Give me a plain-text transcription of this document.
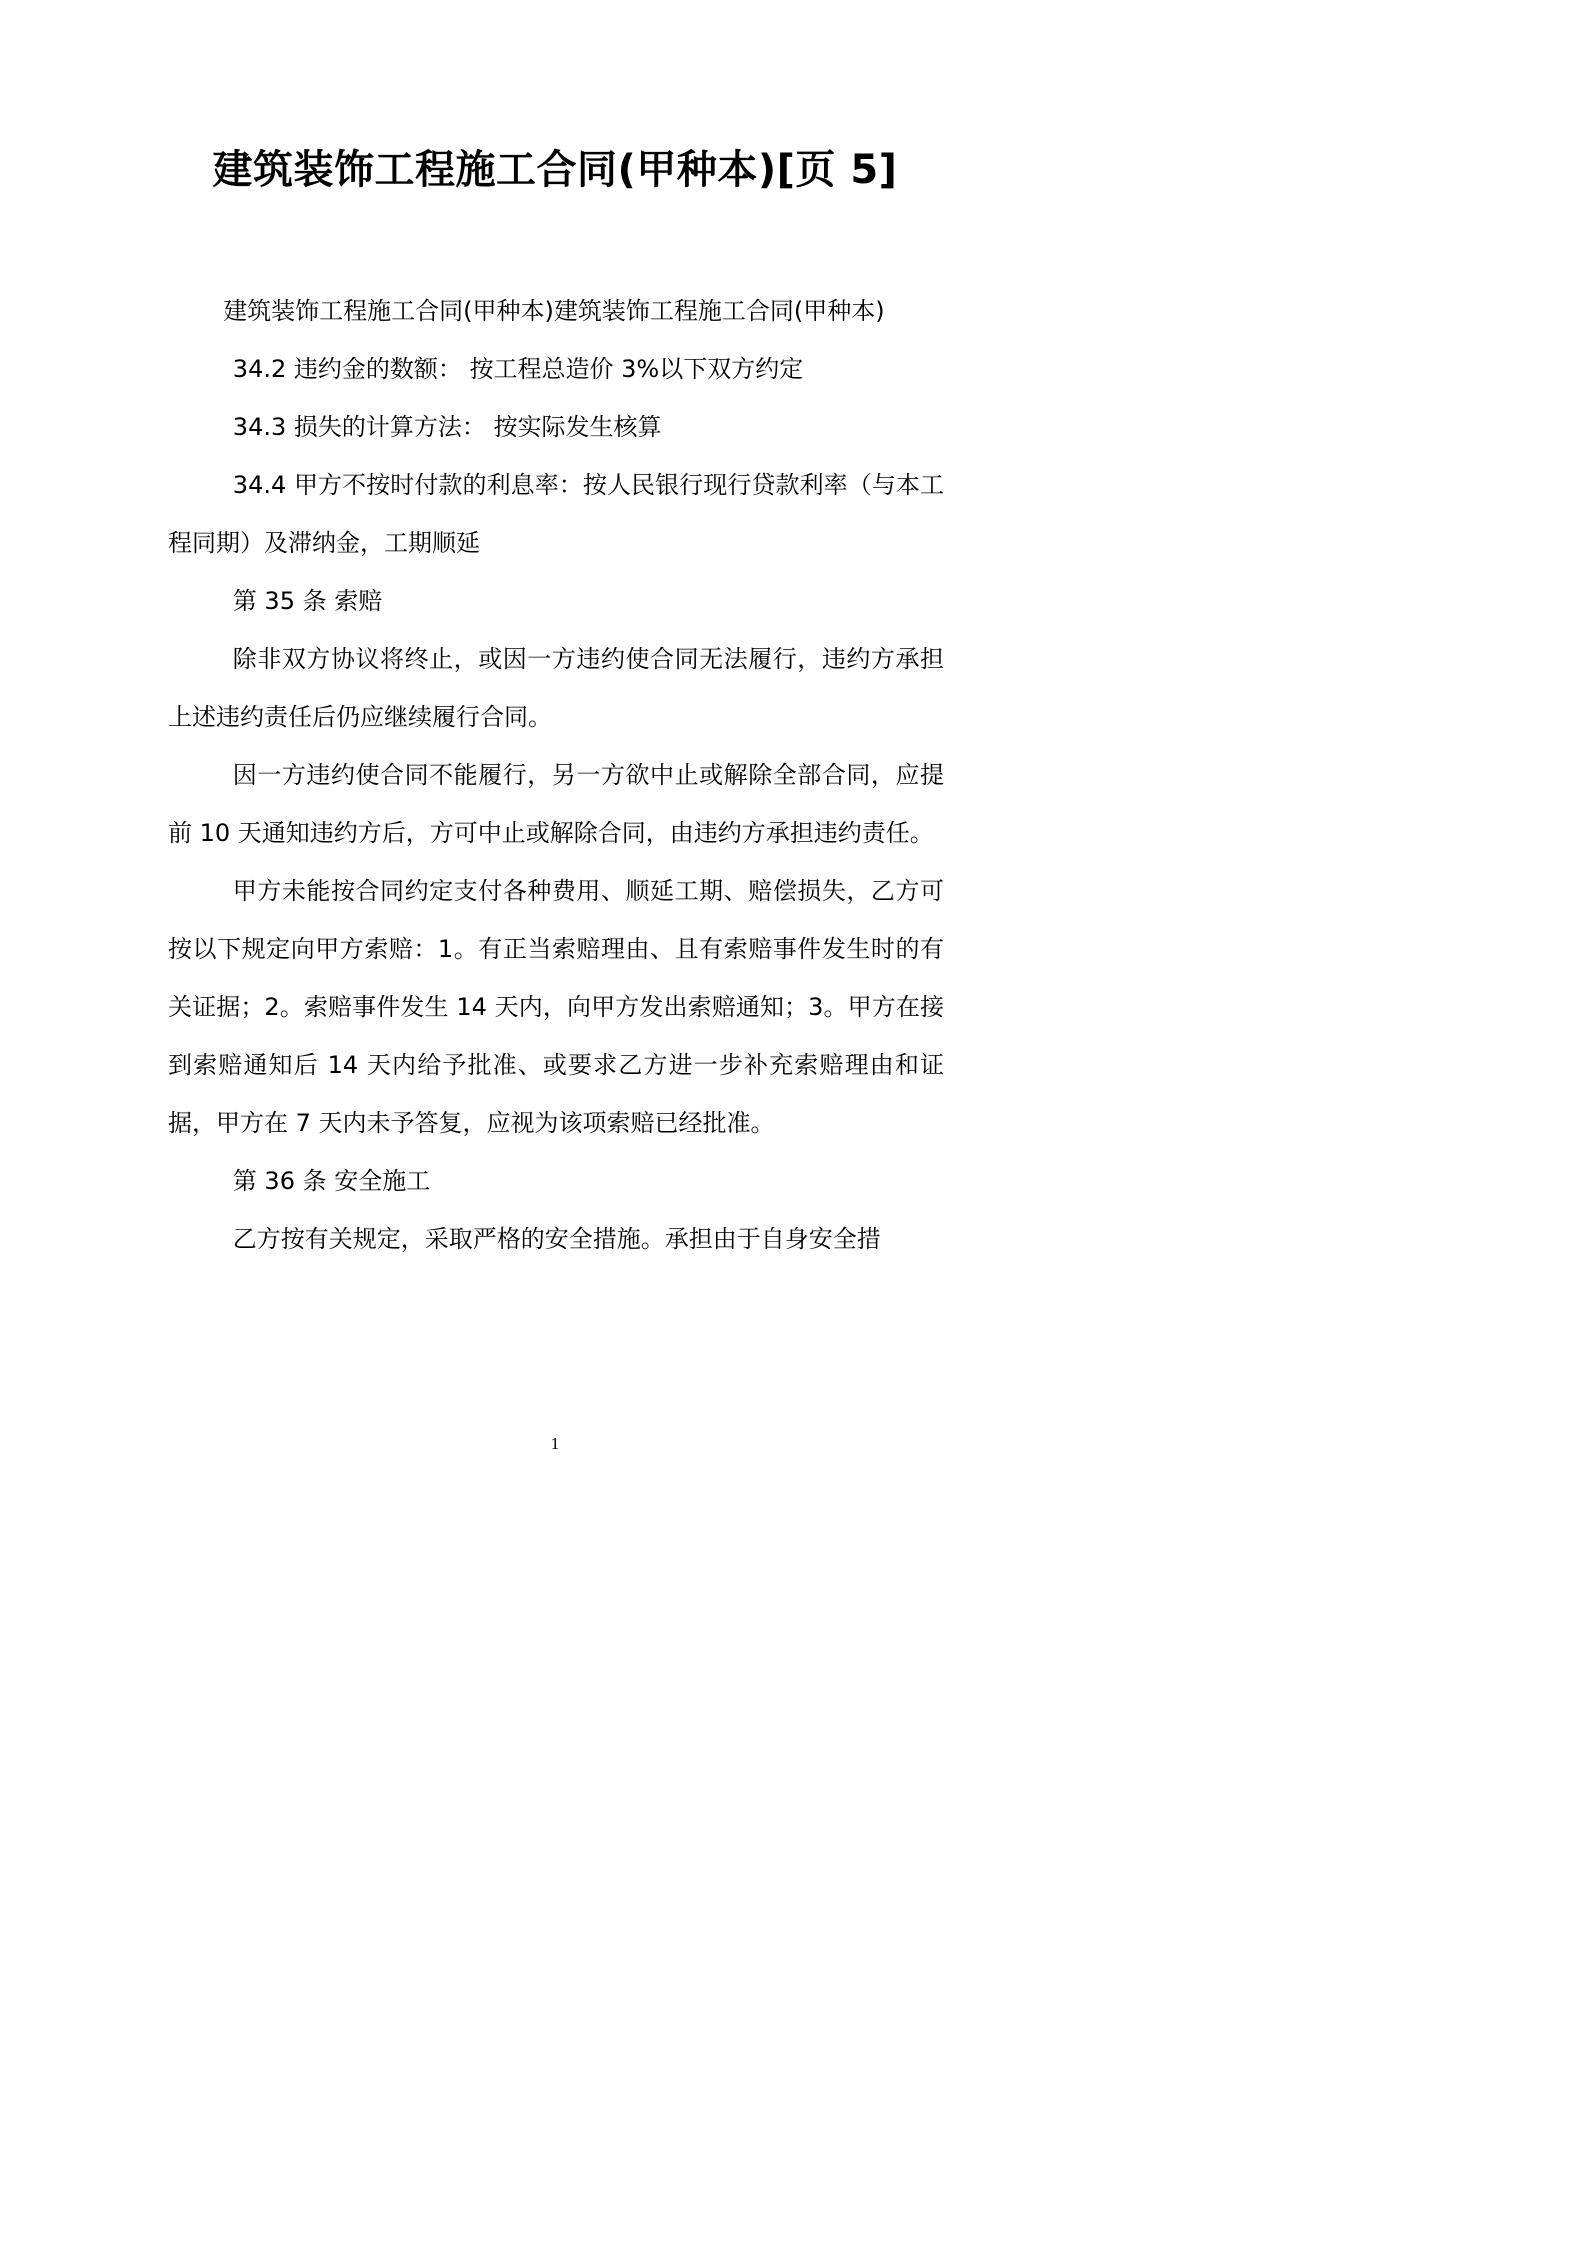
建筑装饰工程施工合同(甲种本)[页 5]

建筑装饰工程施工合同(甲种本)建筑装饰工程施工合同(甲种本)

34.2 违约金的数额： 按工程总造价 3%以下双方约定

34.3 损失的计算方法： 按实际发生核算

34.4 甲方不按时付款的利息率：按人民银行现行贷款利率（与本工程同期）及滞纳金，工期顺延

第 35 条 索赔

除非双方协议将终止，或因一方违约使合同无法履行，违约方承担上述违约责任后仍应继续履行合同。

因一方违约使合同不能履行，另一方欲中止或解除全部合同，应提前 10 天通知违约方后，方可中止或解除合同，由违约方承担违约责任。

甲方未能按合同约定支付各种费用、顺延工期、赔偿损失，乙方可按以下规定向甲方索赔：1。有正当索赔理由、且有索赔事件发生时的有关证据；2。索赔事件发生 14 天内，向甲方发出索赔通知；3。甲方在接到索赔通知后 14 天内给予批准、或要求乙方进一步补充索赔理由和证据，甲方在 7 天内未予答复，应视为该项索赔已经批准。

第 36 条 安全施工

乙方按有关规定，采取严格的安全措施。承担由于自身安全措

1
